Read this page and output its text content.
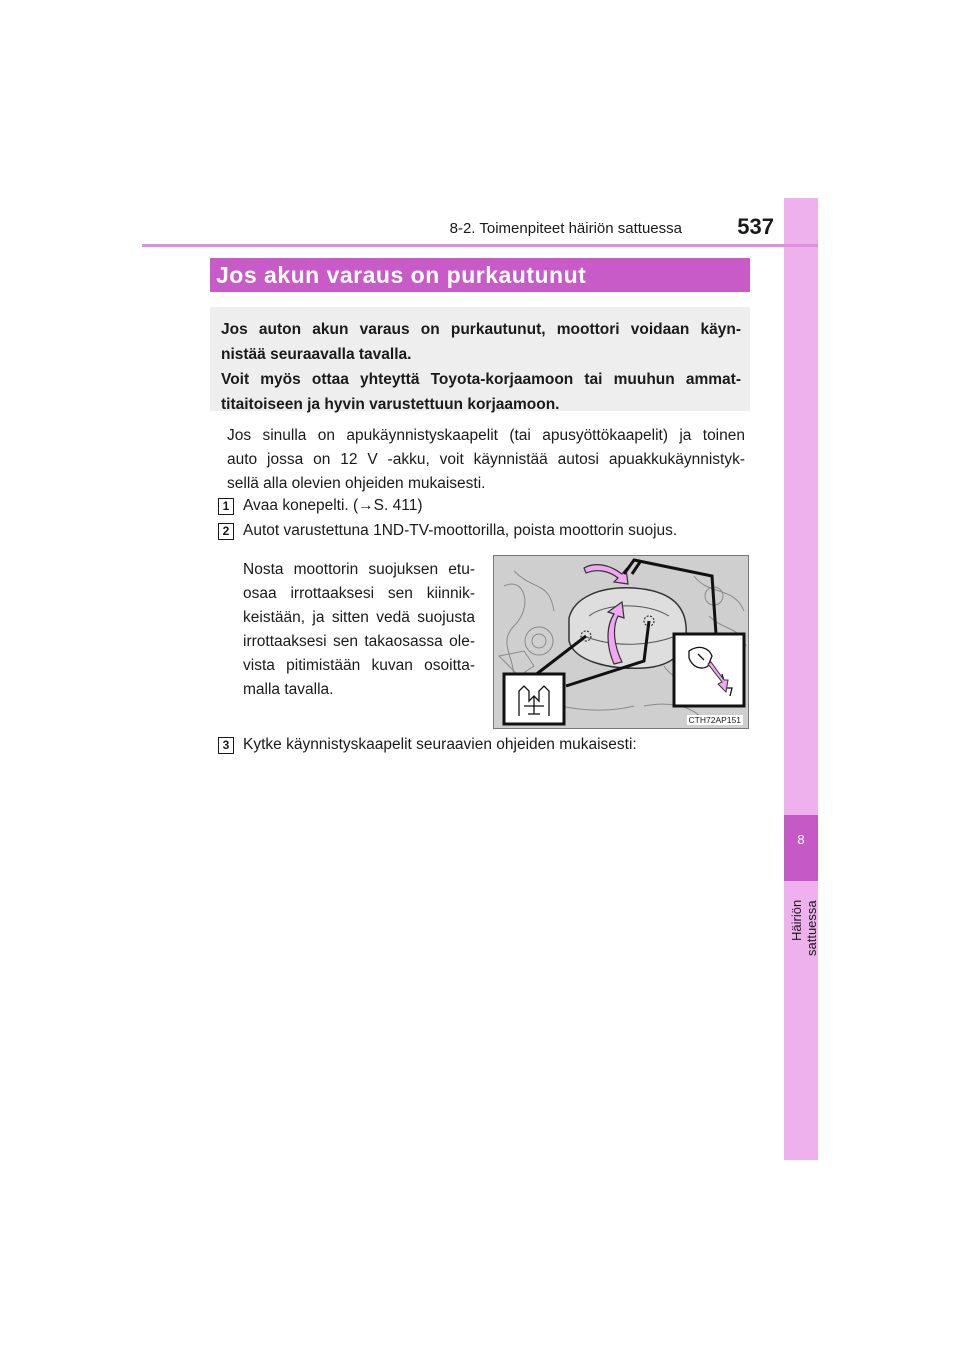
8
Häiriön sattuessa
8-2. Toimenpiteet häiriön sattuessa	537
Jos akun varaus on purkautunut
Jos auton akun varaus on purkautunut, moottori voidaan käyn-
nistää seuraavalla tavalla.
Voit myös ottaa yhteyttä Toyota-korjaamoon tai muuhun ammat-
titaitoiseen ja hyvin varustettuun korjaamoon.
Jos sinulla on apukäynnistyskaapelit (tai apusyöttökaapelit) ja toinen
auto jossa on 12 V -akku, voit käynnistää autosi apuakkukäynnistyk-
sellä alla olevien ohjeiden mukaisesti.
1 Avaa konepelti. (→S. 411)
2 Autot varustettuna 1ND-TV-moottorilla, poista moottorin suojus.
Nosta moottorin suojuksen etu-
osaa irrottaaksesi sen kiinnik-
keistään, ja sitten vedä suojusta
irrottaaksesi sen takaosassa ole-
vista pitimistään kuvan osoitta-
malla tavalla.
CTH72AP151
3 Kytke käynnistyskaapelit seuraavien ohjeiden mukaisesti:
